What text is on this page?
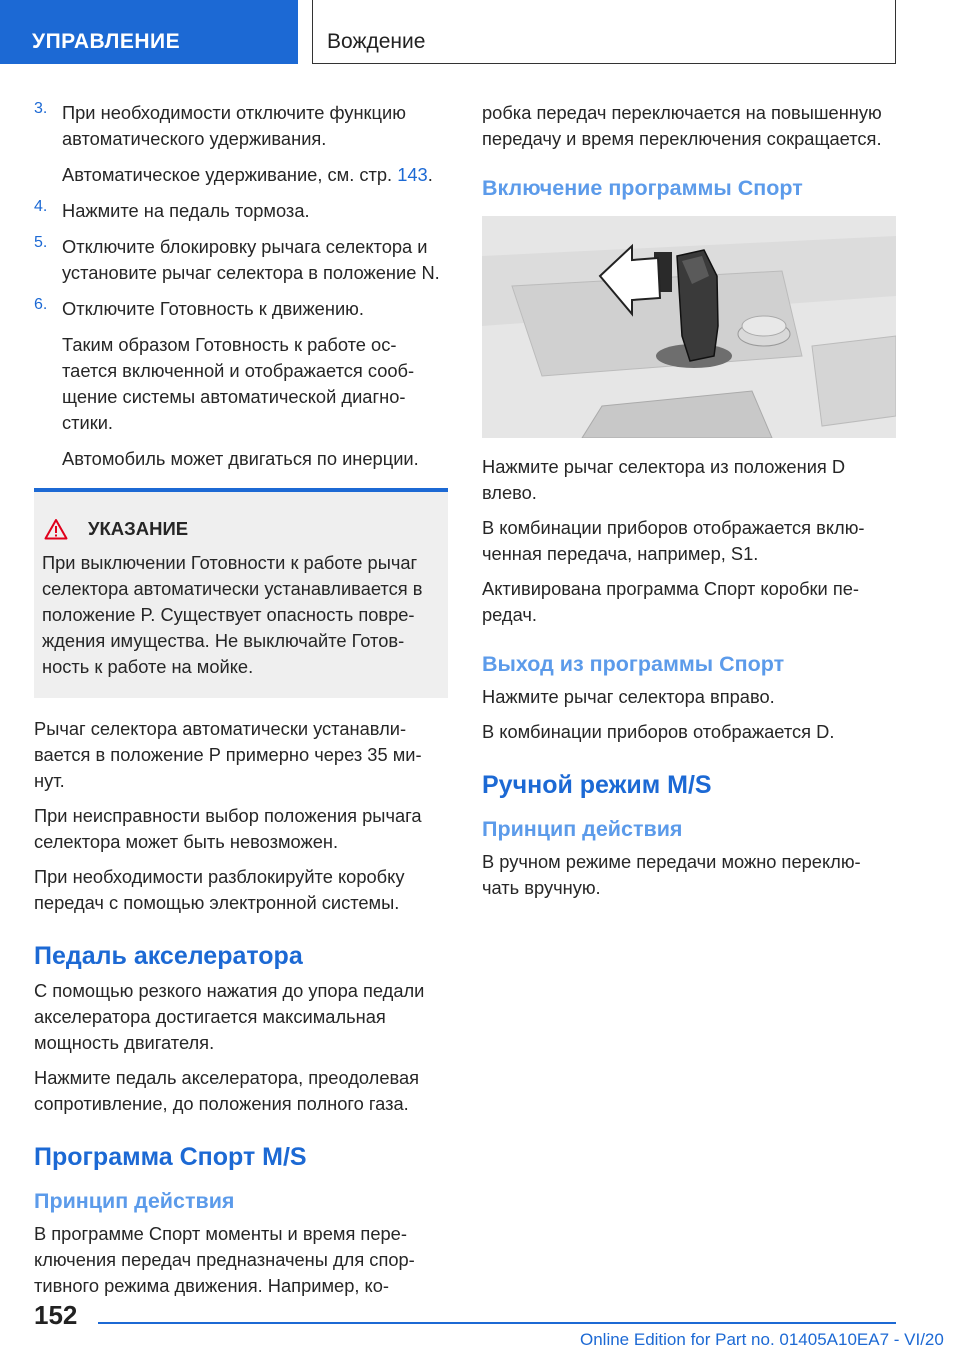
УПРАВЛЕНИЕ	Вождение
3. При необходимости отключите функцию автоматического удерживания.

Автоматическое удерживание, см. стр. 143.

4. Нажмите на педаль тормоза.

5. Отключите блокировку рычага селектора и установите рычаг селектора в положение N.

6. Отключите Готовность к движению.

Таким образом Готовность к работе ос-тается включенной и отображается сооб-щение системы автоматической диагно-стики.

Автомобиль может двигаться по инерции.

УКАЗАНИЕ

При выключении Готовности к работе рычаг селектора автоматически устанавливается в положение P. Существует опасность повре-ждения имущества. Не выключайте Готов-ность к работе на мойке.

Рычаг селектора автоматически устанавли-вается в положение P примерно через 35 ми-нут.

При неисправности выбор положения рычага селектора может быть невозможен.

При необходимости разблокируйте коробку передач с помощью электронной системы.

Педаль акселератора

С помощью резкого нажатия до упора педали акселератора достигается максимальная мощность двигателя.

Нажмите педаль акселератора, преодолевая сопротивление, до положения полного газа.

Программа Спорт M/S
Принцип действия

В программе Спорт моменты и время пере-ключения передач предназначены для спор-тивного режима движения. Например, ко-

робка передач переключается на повышенную передачу и время переключения сокращается.

Включение программы Спорт

Нажмите рычаг селектора из положения D влево.

В комбинации приборов отображается вклю-ченная передача, например, S1.

Активирована программа Спорт коробки пе-редач.

Выход из программы Спорт

Нажмите рычаг селектора вправо.

В комбинации приборов отображается D.

Ручной режим M/S
Принцип действия

В ручном режиме передачи можно переклю-чать вручную.

152
Online Edition for Part no. 01405A10EA7 - VI/20
